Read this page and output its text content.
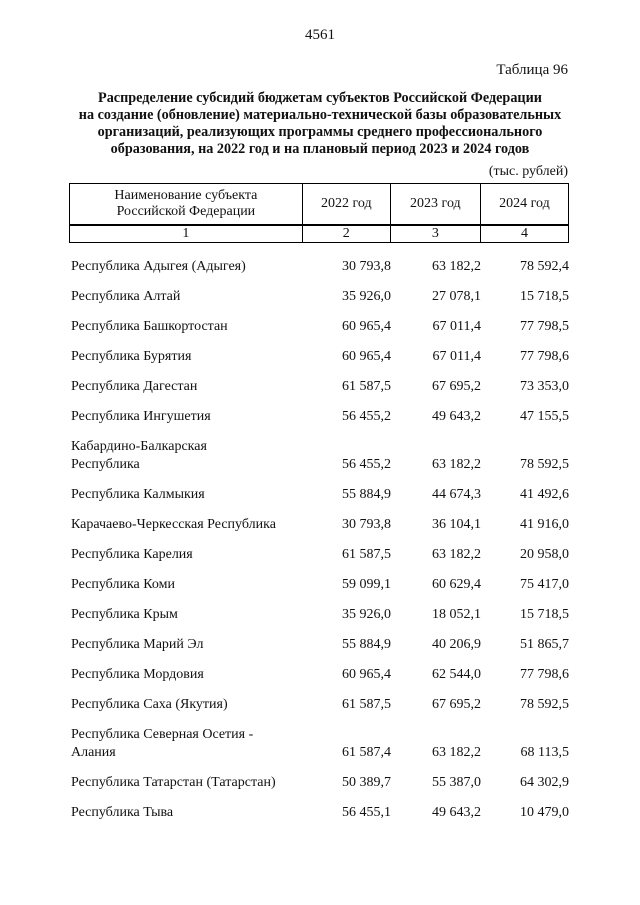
4561
Таблица 96
Распределение субсидий бюджетам субъектов Российской Федерации
на создание (обновление) материально-технической базы образовательных
организаций, реализующих программы среднего профессионального
образования, на 2022 год и на плановый период 2023 и 2024 годов
(тыс. рублей)
Наименование субъекта
Российской Федерации	2022 год	2023 год	2024 год
1	2	3	4
Республика Адыгея (Адыгея)	30 793,8	63 182,2	78 592,4

Республика Алтай	35 926,0	27 078,1	15 718,5

Республика Башкортостан	60 965,4	67 011,4	77 798,5

Республика Бурятия	60 965,4	67 011,4	77 798,6

Республика Дагестан	61 587,5	67 695,2	73 353,0

Республика Ингушетия	56 455,2	49 643,2	47 155,5

Кабардино-Балкарская
Республика	56 455,2	63 182,2	78 592,5

Республика Калмыкия	55 884,9	44 674,3	41 492,6

Карачаево-Черкесская Республика	30 793,8	36 104,1	41 916,0

Республика Карелия	61 587,5	63 182,2	20 958,0

Республика Коми	59 099,1	60 629,4	75 417,0

Республика Крым	35 926,0	18 052,1	15 718,5

Республика Марий Эл	55 884,9	40 206,9	51 865,7

Республика Мордовия	60 965,4	62 544,0	77 798,6

Республика Саха (Якутия)	61 587,5	67 695,2	78 592,5

Республика Северная Осетия -
Алания	61 587,4	63 182,2	68 113,5

Республика Татарстан (Татарстан)	50 389,7	55 387,0	64 302,9

Республика Тыва	56 455,1	49 643,2	10 479,0
